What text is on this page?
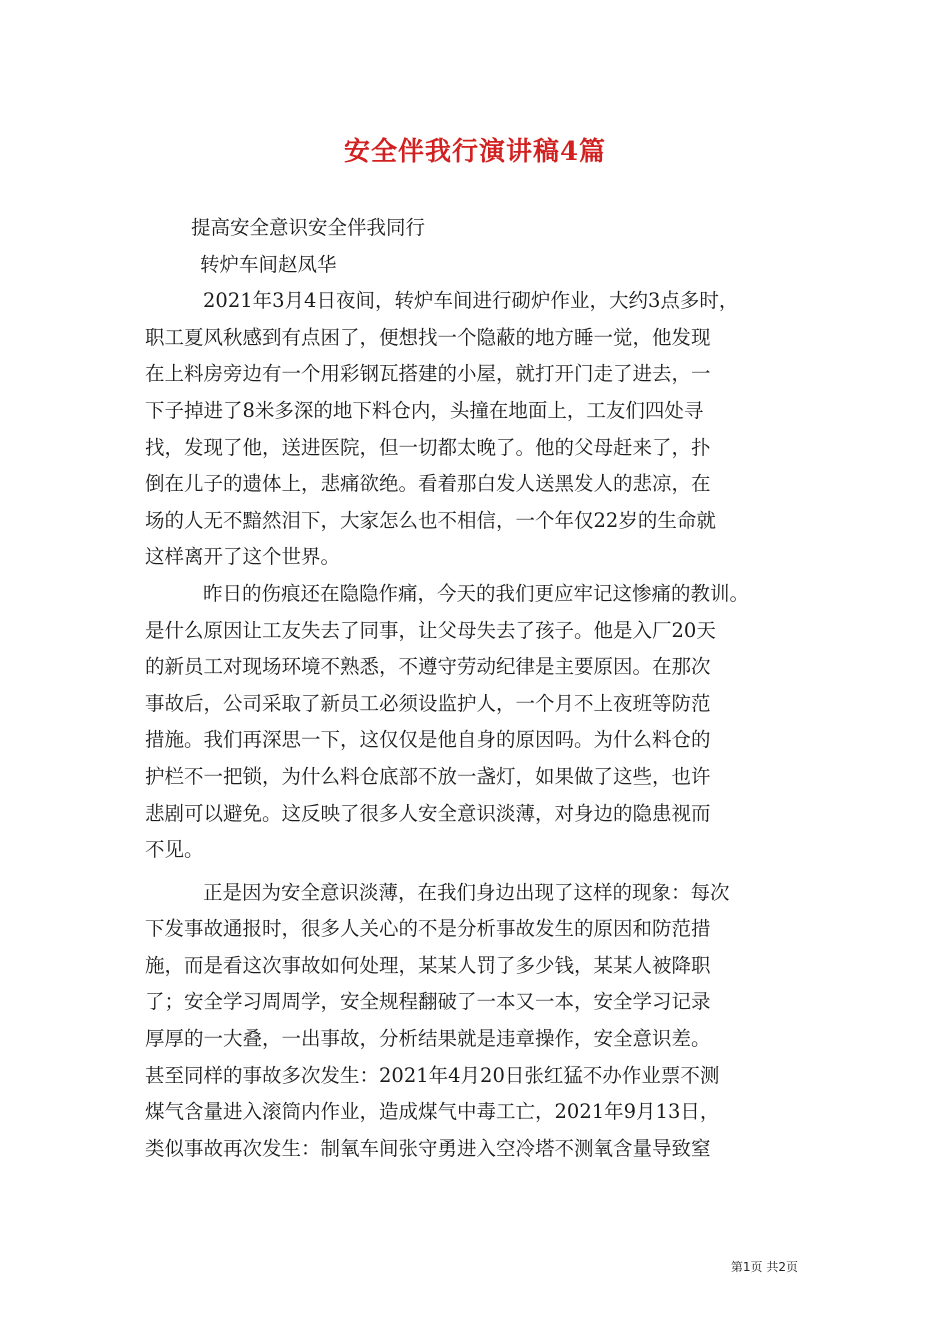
安全伴我行演讲稿4篇
提高安全意识安全伴我同行
转炉车间赵凤华
2021年3月4日夜间，转炉车间进行砌炉作业，大约3点多时，
职工夏风秋感到有点困了，便想找一个隐蔽的地方睡一觉，他发现
在上料房旁边有一个用彩钢瓦搭建的小屋，就打开门走了进去，一
下子掉进了8米多深的地下料仓内，头撞在地面上，工友们四处寻
找，发现了他，送进医院，但一切都太晚了。他的父母赶来了，扑
倒在儿子的遗体上，悲痛欲绝。看着那白发人送黑发人的悲凉，在
场的人无不黯然泪下，大家怎么也不相信，一个年仅22岁的生命就
这样离开了这个世界。
昨日的伤痕还在隐隐作痛，今天的我们更应牢记这惨痛的教训。
是什么原因让工友失去了同事，让父母失去了孩子。他是入厂20天
的新员工对现场环境不熟悉，不遵守劳动纪律是主要原因。在那次
事故后，公司采取了新员工必须设监护人，一个月不上夜班等防范
措施。我们再深思一下，这仅仅是他自身的原因吗。为什么料仓的
护栏不一把锁，为什么料仓底部不放一盏灯，如果做了这些，也许
悲剧可以避免。这反映了很多人安全意识淡薄，对身边的隐患视而
不见。
正是因为安全意识淡薄，在我们身边出现了这样的现象：每次
下发事故通报时，很多人关心的不是分析事故发生的原因和防范措
施，而是看这次事故如何处理，某某人罚了多少钱，某某人被降职
了；安全学习周周学，安全规程翻破了一本又一本，安全学习记录
厚厚的一大叠，一出事故，分析结果就是违章操作，安全意识差。
甚至同样的事故多次发生：2021年4月20日张红猛不办作业票不测
煤气含量进入滚筒内作业，造成煤气中毒工亡，2021年9月13日，
类似事故再次发生：制氧车间张守勇进入空冷塔不测氧含量导致窒
第1页 共2页
